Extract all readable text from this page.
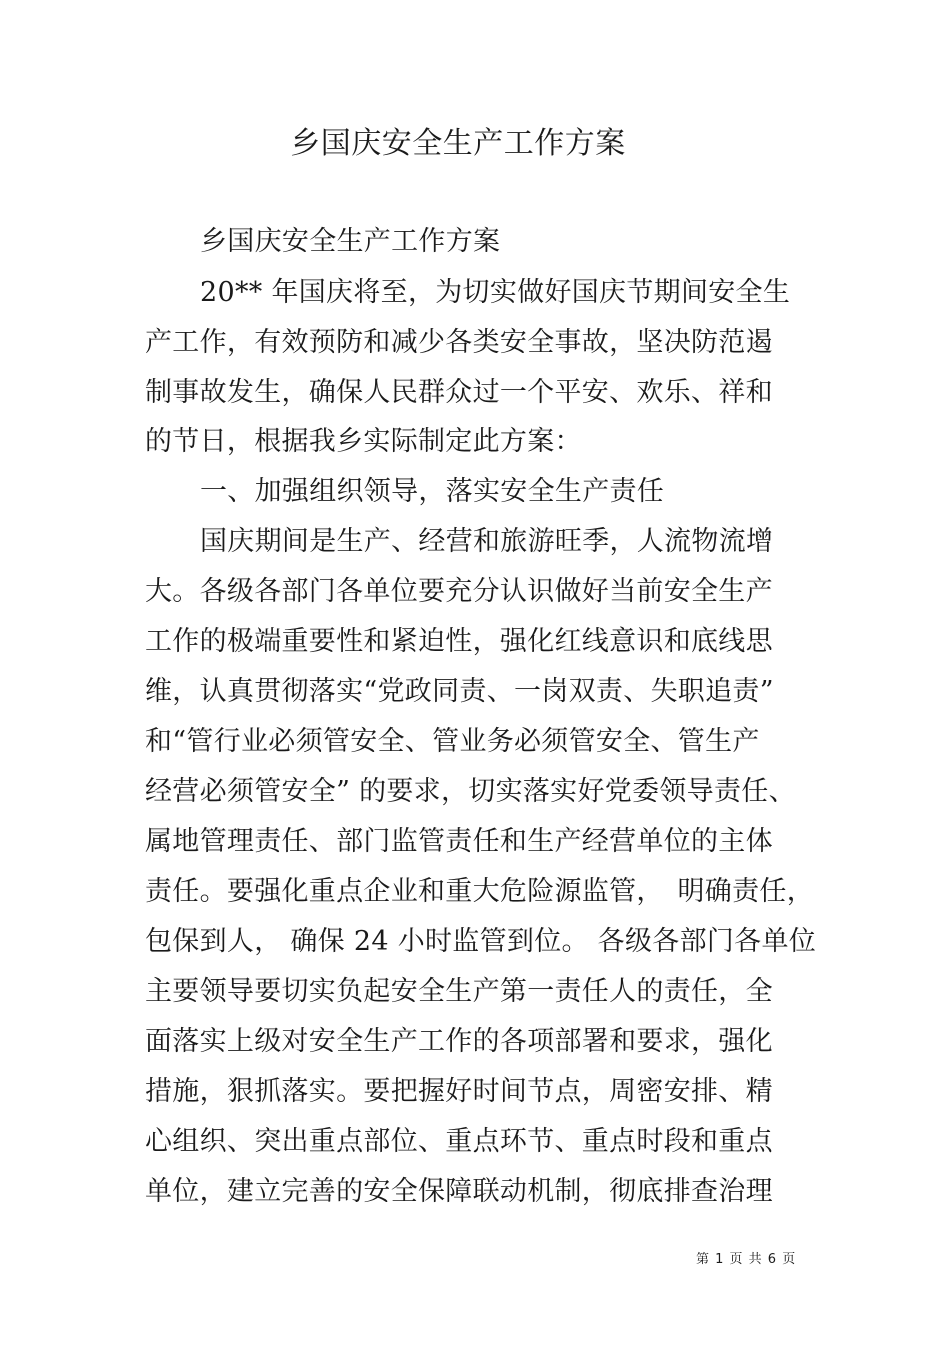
乡国庆安全生产工作方案
乡国庆安全生产工作方案
20** 年国庆将至，为切实做好国庆节期间安全生
产工作，有效预防和减少各类安全事故，坚决防范遏
制事故发生，确保人民群众过一个平安、欢乐、祥和
的节日，根据我乡实际制定此方案：
一、加强组织领导，落实安全生产责任
国庆期间是生产、经营和旅游旺季，人流物流增
大。各级各部门各单位要充分认识做好当前安全生产
工作的极端重要性和紧迫性，强化红线意识和底线思
维，认真贯彻落实“党政同责、一岗双责、失职追责”
和“管行业必须管安全、管业务必须管安全、管生产
经营必须管安全” 的要求，切实落实好党委领导责任、
属地管理责任、部门监管责任和生产经营单位的主体
责任。要强化重点企业和重大危险源监管，　明确责任，
包保到人， 确保 24 小时监管到位。 各级各部门各单位
主要领导要切实负起安全生产第一责任人的责任，全
面落实上级对安全生产工作的各项部署和要求，强化
措施，狠抓落实。要把握好时间节点，周密安排、精
心组织、突出重点部位、重点环节、重点时段和重点
单位，建立完善的安全保障联动机制，彻底排查治理
第 1 页 共 6 页
